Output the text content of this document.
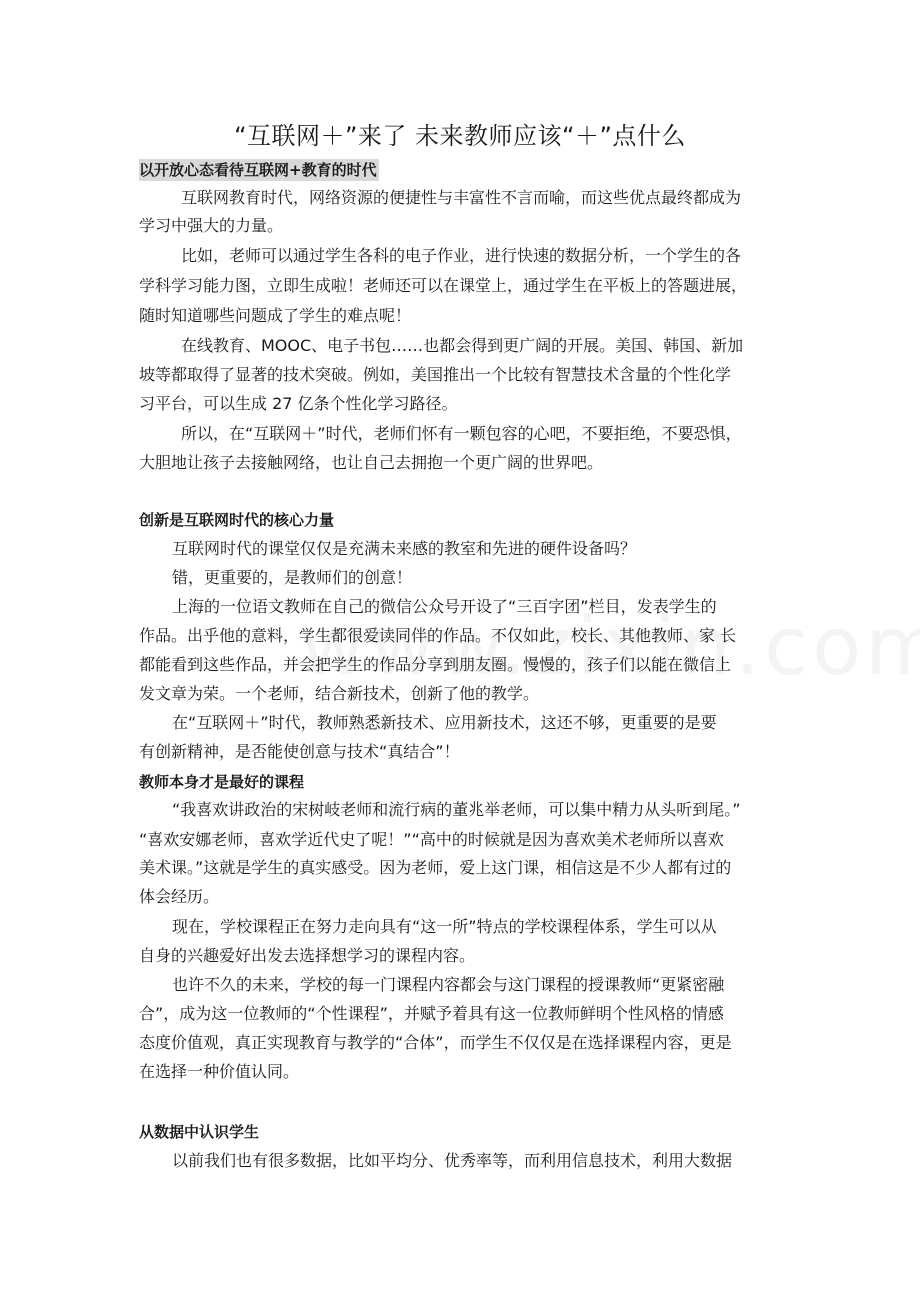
“互联网＋”来了 未来教师应该“＋”点什么
以开放心态看待互联网+教育的时代
互联网教育时代，网络资源的便捷性与丰富性不言而喻，而这些优点最终都成为
学习中强大的力量。
比如，老师可以通过学生各科的电子作业，进行快速的数据分析，一个学生的各
学科学习能力图，立即生成啦！老师还可以在课堂上，通过学生在平板上的答题进展，
随时知道哪些问题成了学生的难点呢！
在线教育、MOOC、电子书包……也都会得到更广阔的开展。美国、韩国、新加
坡等都取得了显著的技术突破。例如，美国推出一个比较有智慧技术含量的个性化学
习平台，可以生成 27 亿条个性化学习路径。
所以，在“互联网＋”时代，老师们怀有一颗包容的心吧，不要拒绝，不要恐惧，
大胆地让孩子去接触网络，也让自己去拥抱一个更广阔的世界吧。
创新是互联网时代的核心力量
互联网时代的课堂仅仅是充满未来感的教室和先进的硬件设备吗？
错，更重要的，是教师们的创意！
上海的一位语文教师在自己的微信公众号开设了“三百字团”栏目，发表学生的
作品。出乎他的意料，学生都很爱读同伴的作品。不仅如此，校长、其他教师、家 长
都能看到这些作品，并会把学生的作品分享到朋友圈。慢慢的，孩子们以能在微信上
发文章为荣。一个老师，结合新技术，创新了他的教学。
在“互联网＋”时代，教师熟悉新技术、应用新技术，这还不够，更重要的是要
有创新精神，是否能使创意与技术“真结合”！
教师本身才是最好的课程
“我喜欢讲政治的宋树岐老师和流行病的董兆举老师，可以集中精力从头听到尾。”
“喜欢安娜老师，喜欢学近代史了呢！”“高中的时候就是因为喜欢美术老师所以喜欢
美术课。”这就是学生的真实感受。因为老师，爱上这门课，相信这是不少人都有过的
体会经历。
现在，学校课程正在努力走向具有“这一所”特点的学校课程体系，学生可以从
自身的兴趣爱好出发去选择想学习的课程内容。
也许不久的未来，学校的每一门课程内容都会与这门课程的授课教师“更紧密融
合”，成为这一位教师的“个性课程”，并赋予着具有这一位教师鲜明个性风格的情感
态度价值观，真正实现教育与教学的“合体”，而学生不仅仅是在选择课程内容，更是
在选择一种价值认同。
从数据中认识学生
以前我们也有很多数据，比如平均分、优秀率等，而利用信息技术，利用大数据
